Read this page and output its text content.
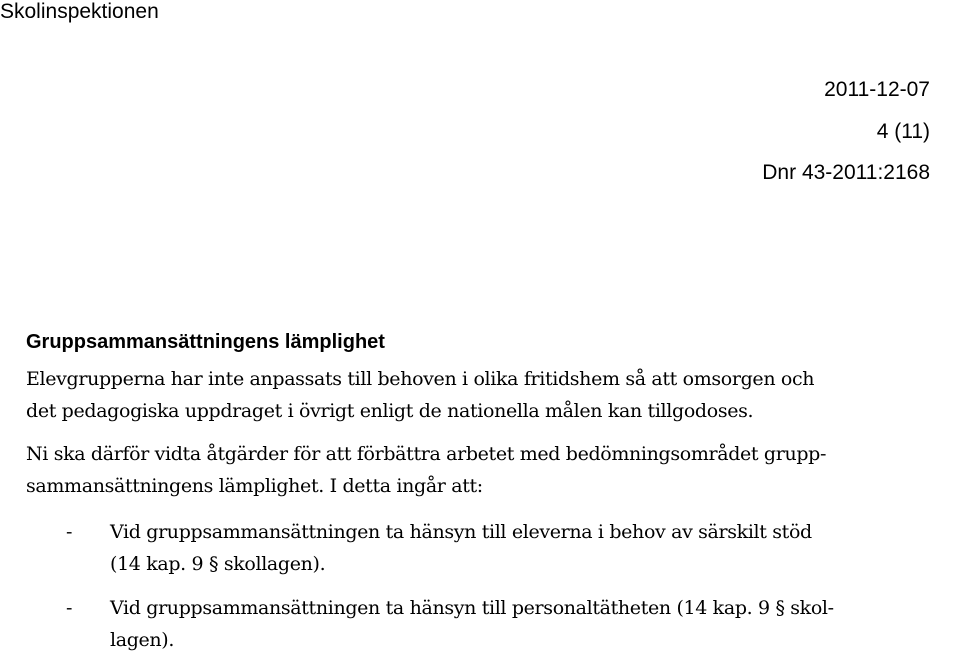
Skolinspektionen
2011-12-07
4 (11)
Dnr 43-2011:2168
Gruppsammansättningens lämplighet
Elevgrupperna har inte anpassats till behoven i olika fritidshem så att omsorgen och
det pedagogiska uppdraget i övrigt enligt de nationella målen kan tillgodoses.
Ni ska därför vidta åtgärder för att förbättra arbetet med bedömningsområdet grupp-
sammansättningens lämplighet. I detta ingår att:
- Vid gruppsammansättningen ta hänsyn till eleverna i behov av särskilt stöd
(14 kap. 9 § skollagen).
- Vid gruppsammansättningen ta hänsyn till personaltätheten (14 kap. 9 § skol-
lagen).
